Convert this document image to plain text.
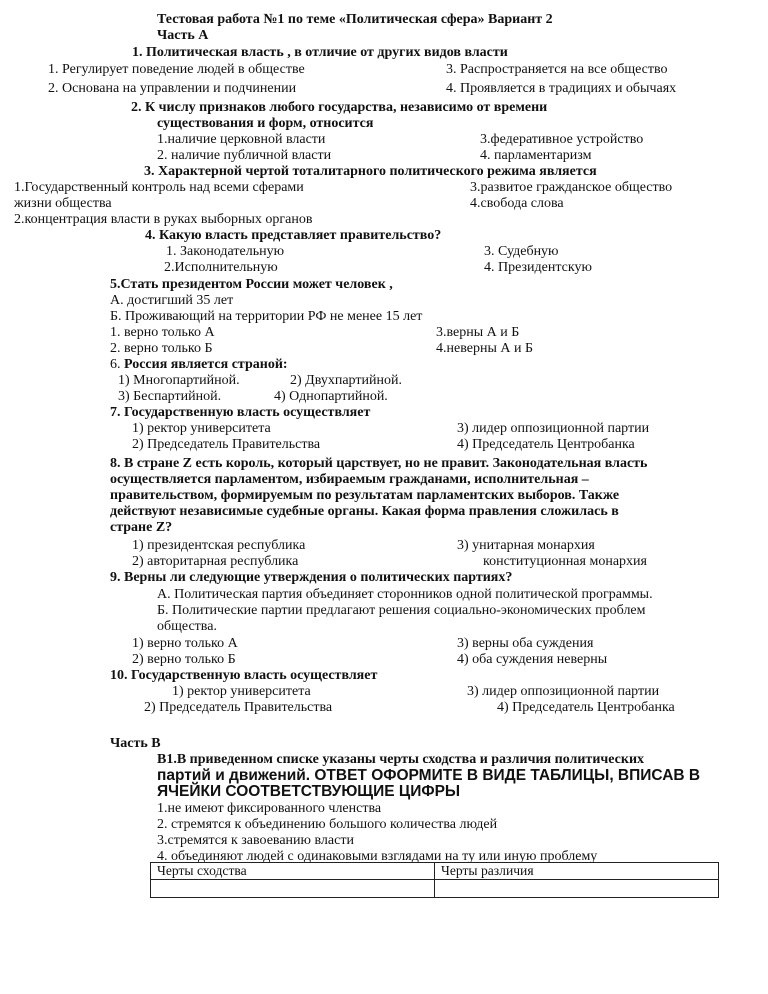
Тестовая работа №1 по теме «Политическая сфера» Вариант 2
Часть А
1. Политическая власть , в отличие от других видов власти
1. Регулирует поведение людей в обществе
2. Основана на управлении и подчинении
3. Распространяется на все общество
4. Проявляется в традициях и обычаях
2. К числу признаков любого государства, независимо от времени
существования и форм, относится
1.наличие церковной власти
2. наличие публичной власти
3.федеративное устройство
4. парламентаризм
3. Характерной чертой тоталитарного политического режима является
1.Государственный контроль над всеми сферами
жизни общества
2.концентрация власти в руках выборных органов
3.развитое гражданское общество
4.свобода слова
4. Какую власть представляет правительство?
1. Законодательную
2.Исполнительную
3. Судебную
4. Президентскую
5.Стать президентом России может человек ,
А. достигший 35 лет
Б. Проживающий на территории РФ не менее 15 лет
1. верно только А
2. верно только Б
3.верны А и Б
4.неверны А и Б
6. Россия является страной:
1) Многопартийной.	2) Двухпартийной.
3) Беспартийной.	4) Однопартийной.
7. Государственную власть осуществляет
1) ректор университета
2) Председатель Правительства
3) лидер оппозиционной партии
4) Председатель Центробанка
8. В стране Z есть король, который царствует, но не правит. Законодательная власть
осуществляется парламентом, избираемым гражданами, исполнительная –
правительством, формируемым по результатам парламентских выборов. Также
действуют независимые судебные органы. Какая форма правления сложилась в
стране Z?
1) президентская республика
2) авторитарная республика
3) унитарная монархия
конституционная монархия
9. Верны ли следующие утверждения о политических партиях?
А. Политическая партия объединяет сторонников одной политической программы.
Б. Политические партии предлагают решения социально-экономических проблем
общества.
1) верно только А
2) верно только Б
3) верны оба суждения
4) оба суждения неверны
10. Государственную власть осуществляет
1) ректор университета
2) Председатель Правительства
3) лидер оппозиционной партии
4) Председатель Центробанка
Часть В
В1.В приведенном списке указаны черты сходства и различия политических
партий и движений. ОТВЕТ ОФОРМИТЕ В ВИДЕ ТАБЛИЦЫ, ВПИСАВ В
ЯЧЕЙКИ СООТВЕТСТВУЮЩИЕ ЦИФРЫ
1.не имеют фиксированного членства
2. стремятся к объединению большого количества людей
3.стремятся к завоеванию власти
4. объединяют людей с одинаковыми взглядами на ту или иную проблему
Черты сходства	Черты различия
